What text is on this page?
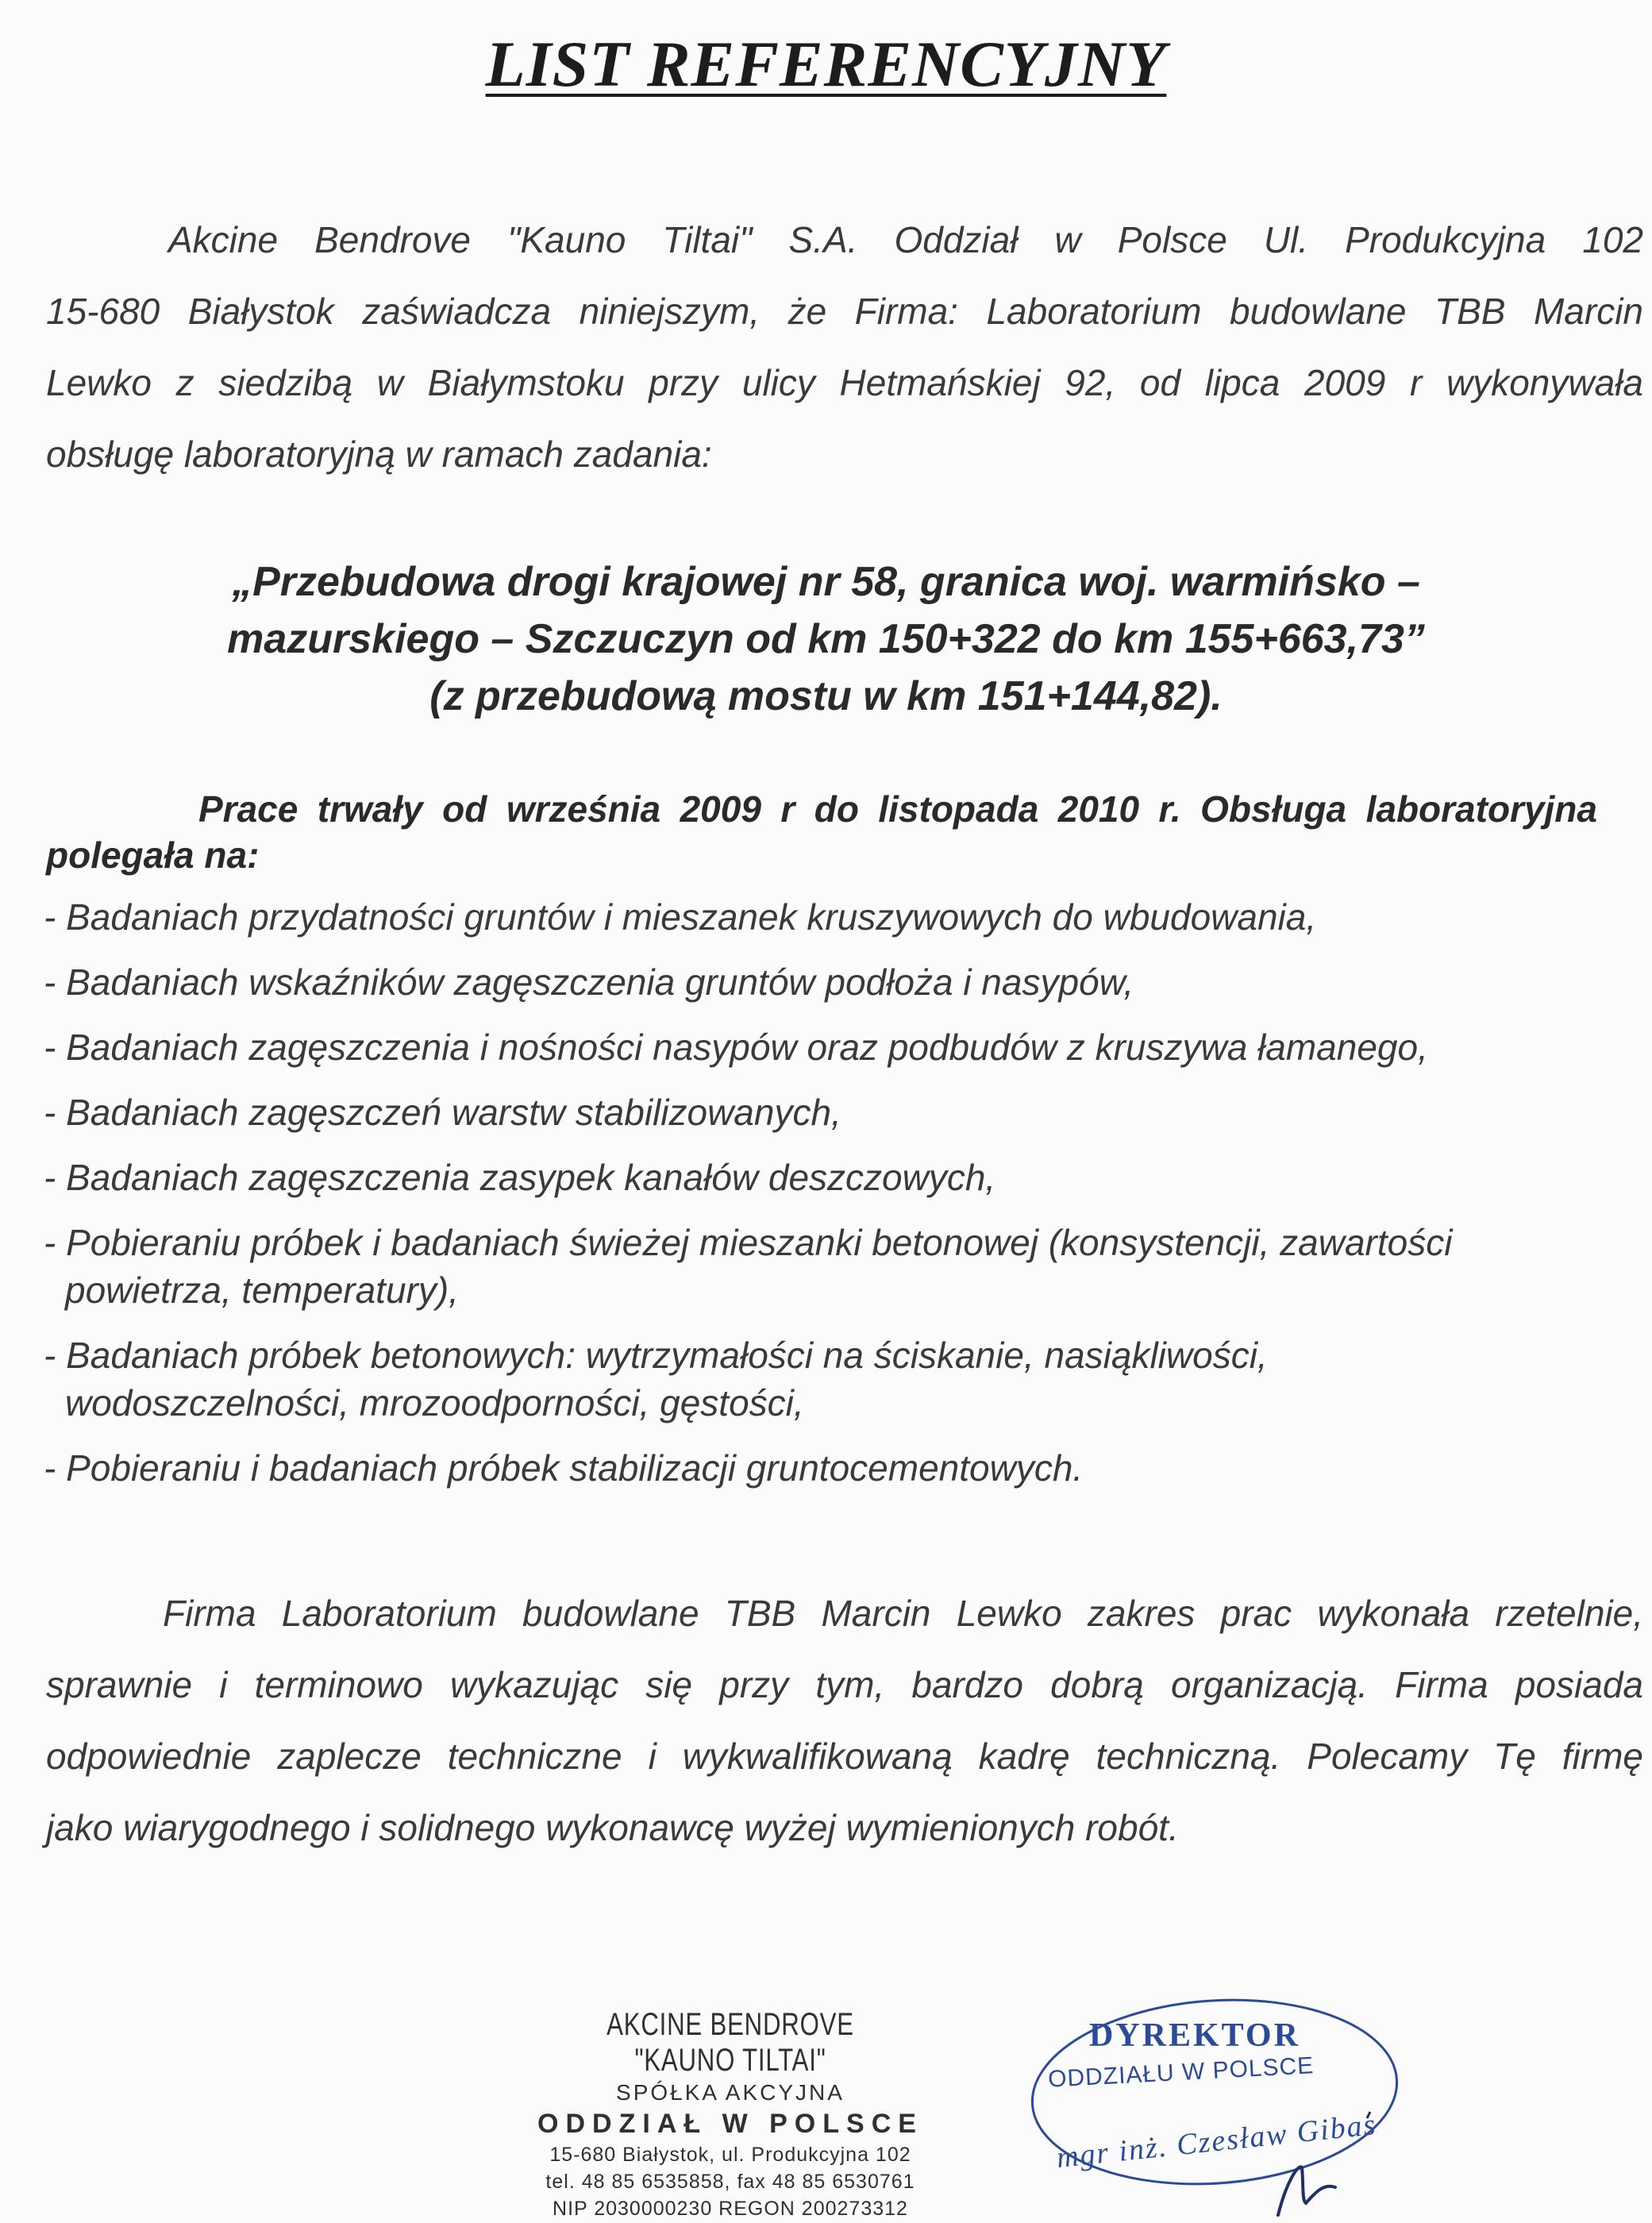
LIST REFERENCYJNY
Akcine Bendrove "Kauno Tiltai" S.A. Oddział w Polsce Ul. Produkcyjna 102
15-680 Białystok zaświadcza niniejszym, że Firma: Laboratorium budowlane TBB Marcin
Lewko z siedzibą w Białymstoku przy ulicy Hetmańskiej 92, od lipca 2009 r wykonywała
obsługę laboratoryjną w ramach zadania:
„Przebudowa drogi krajowej nr 58, granica woj. warmińsko –
mazurskiego – Szczuczyn od km 150+322 do km 155+663,73”
(z przebudową mostu w km 151+144,82).
Prace trwały od września 2009 r do listopada 2010 r. Obsługa laboratoryjna
polegała na:
- Badaniach przydatności gruntów i mieszanek kruszywowych do wbudowania,
- Badaniach wskaźników zagęszczenia gruntów podłoża i nasypów,
- Badaniach zagęszczenia i nośności nasypów oraz podbudów z kruszywa łamanego,
- Badaniach zagęszczeń warstw stabilizowanych,
- Badaniach zagęszczenia zasypek kanałów deszczowych,
- Pobieraniu próbek i badaniach świeżej mieszanki betonowej (konsystencji, zawartości
powietrza, temperatury),
- Badaniach próbek betonowych: wytrzymałości na ściskanie, nasiąkliwości,
wodoszczelności, mrozoodporności, gęstości,
- Pobieraniu i badaniach próbek stabilizacji gruntocementowych.
Firma Laboratorium budowlane TBB Marcin Lewko zakres prac wykonała rzetelnie,
sprawnie i terminowo wykazując się przy tym, bardzo dobrą organizacją. Firma posiada
odpowiednie zaplecze techniczne i wykwalifikowaną kadrę techniczną. Polecamy Tę firmę
jako wiarygodnego i solidnego wykonawcę wyżej wymienionych robót.
AKCINE BENDROVE "KAUNO TILTAI"
SPÓŁKA AKCYJNA
ODDZIAŁ W POLSCE
15-680 Białystok, ul. Produkcyjna 102
tel. 48 85 6535858, fax 48 85 6530761
NIP 2030000230 REGON 200273312
DYREKTOR
ODDZIAŁU W POLSCE
mgr inż. Czesław Gibas
